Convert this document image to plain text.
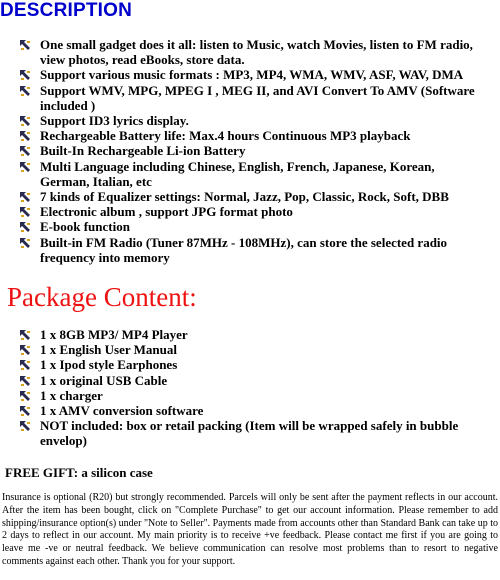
DESCRIPTION
One small gadget does it all: listen to Music, watch Movies, listen to FM radio, view photos, read eBooks, store data.
Support various music formats : MP3, MP4, WMA, WMV, ASF, WAV, DMA
Support WMV, MPG, MPEG I , MEG II, and AVI Convert To AMV (Software included )
Support ID3 lyrics display.
Rechargeable Battery life: Max.4 hours Continuous MP3 playback
Built-In Rechargeable Li-ion Battery
Multi Language including Chinese, English, French, Japanese, Korean, German, Italian, etc
7 kinds of Equalizer settings: Normal, Jazz, Pop, Classic, Rock, Soft, DBB
Electronic album , support JPG format photo
E-book function
Built-in FM Radio (Tuner 87MHz - 108MHz), can store the selected radio frequency into memory
Package Content:
1 x 8GB MP3/ MP4 Player
1 x English User Manual
1 x Ipod style Earphones
1 x original USB Cable
1 x charger
1 x AMV conversion software
NOT included: box or retail packing (Item will be wrapped safely in bubble envelop)
FREE GIFT: a silicon case
Insurance is optional (R20) but strongly recommended. Parcels will only be sent after the payment reflects in our account. After the item has been bought, click on "Complete Purchase" to get our account information. Please remember to add shipping/insurance option(s) under "Note to Seller". Payments made from accounts other than Standard Bank can take up to 2 days to reflect in our account. My main priority is to receive +ve feedback. Please contact me first if you are going to leave me -ve or neutral feedback. We believe communication can resolve most problems than to resort to negative comments against each other. Thank you for your support.
